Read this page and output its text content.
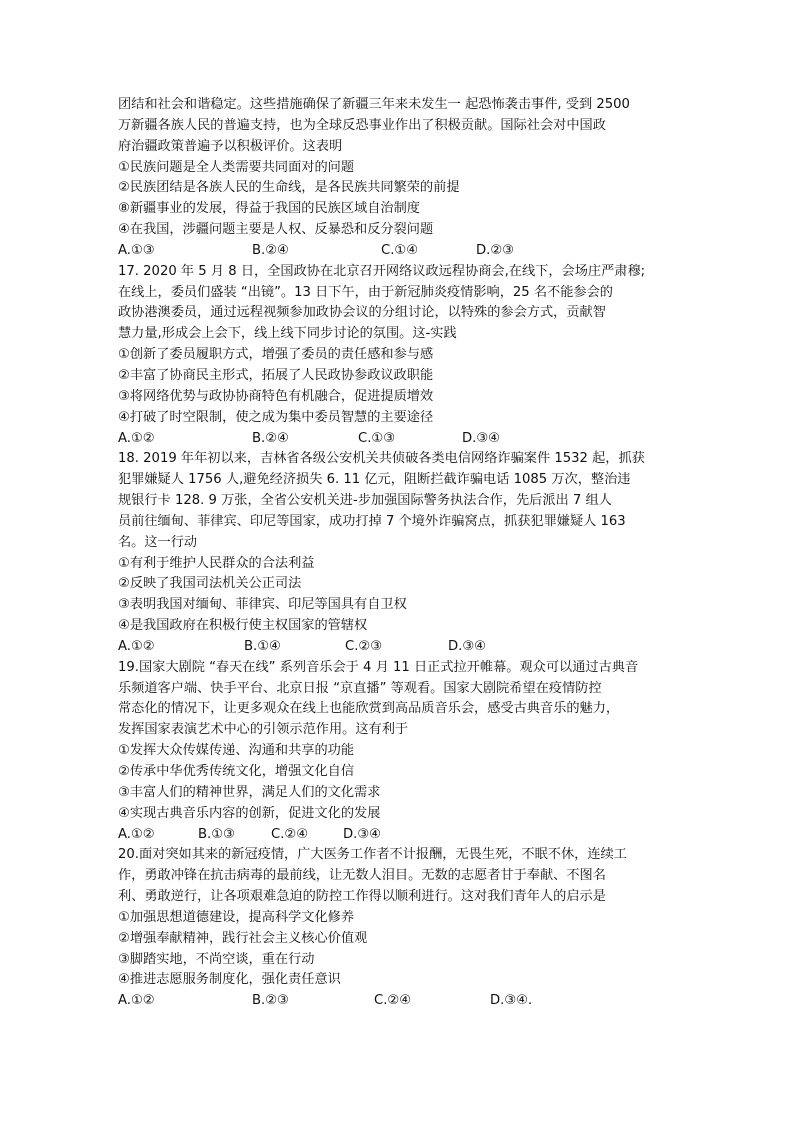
团结和社会和谐稳定。这些措施确保了新疆三年来未发生一 起恐怖袭击事件, 受到 2500
万新疆各族人民的普遍支持，也为全球反恐事业作出了积极贡献。国际社会对中国政
府治疆政策普遍予以积极评价。这表明
①民族问题是全人类需要共同面对的问题
②民族团结是各族人民的生命线，是各民族共同繁荣的前提
⑧新疆事业的发展，得益于我国的民族区域自治制度
④在我国，涉疆问题主要是人权、反暴恐和反分裂问题
A.①③	B.②④	C.①④	D.②③
17. 2020 年 5 月 8 日，全国政协在北京召开网络议政远程协商会,在线下，会场庄严肃穆;
在线上，委员们盛装 “出镜”。13 日下午，由于新冠肺炎疫情影响，25 名不能参会的
政协港澳委员，通过远程视频参加政协会议的分组讨论，以特殊的参会方式，贡献智
慧力量,形成会上会下，线上线下同步讨论的氛围。这-实践
①创新了委员履职方式，增强了委员的责任感和参与感
②丰富了协商民主形式，拓展了人民政协参政议政职能
③将网络优势与政协协商特色有机融合，促进提质增效
④打破了时空限制，使之成为集中委员智慧的主要途径
A.①②	B.②④	C.①③	D.③④
18. 2019 年年初以来，吉林省各级公安机关共侦破各类电信网络诈骗案件 1532 起，抓获
犯罪嫌疑人 1756 人,避免经济损失 6. 11 亿元，阻断拦截诈骗电话 1085 万次，整治违
规银行卡 128. 9 万张，全省公安机关进-步加强国际警务执法合作，先后派出 7 组人
员前往缅甸、菲律宾、印尼等国家，成功打掉 7 个境外诈骗窝点，抓获犯罪嫌疑人 163
名。这一行动
①有利于维护人民群众的合法利益
②反映了我国司法机关公正司法
③表明我国对缅甸、菲律宾、印尼等国具有自卫权
④是我国政府在积极行使主权国家的管辖权
A.①②	B.①④	C.②③	D.③④
19.国家大剧院 “春天在线” 系列音乐会于 4 月 11 日正式拉开帷幕。观众可以通过古典音
乐频道客户端、快手平台、北京日报 “京直播” 等观看。国家大剧院希望在疫情防控
常态化的情况下，让更多观众在线上也能欣赏到高品质音乐会，感受古典音乐的魅力，
发挥国家表演艺术中心的引领示范作用。这有利于
①发挥大众传媒传递、沟通和共享的功能
②传承中华优秀传统文化，增强文化自信
③丰富人们的精神世界，满足人们的文化需求
④实现古典音乐内容的创新，促进文化的发展
A.①②	B.①③	C.②④	D.③④
20.面对突如其来的新冠疫情，广大医务工作者不计报酬，无畏生死，不眠不休，连续工
作，勇敢冲锋在抗击病毒的最前线，让无数人泪目。无数的志愿者甘于奉献、不图名
利、勇敢逆行，让各项艰难急迫的防控工作得以顺利进行。这对我们青年人的启示是
①加强思想道德建设，提高科学文化修养
②增强奉献精神，践行社会主义核心价值观
③脚踏实地，不尚空谈，重在行动
④推进志愿服务制度化，强化责任意识
A.①②	B.②③	C.②④	D.③④.
